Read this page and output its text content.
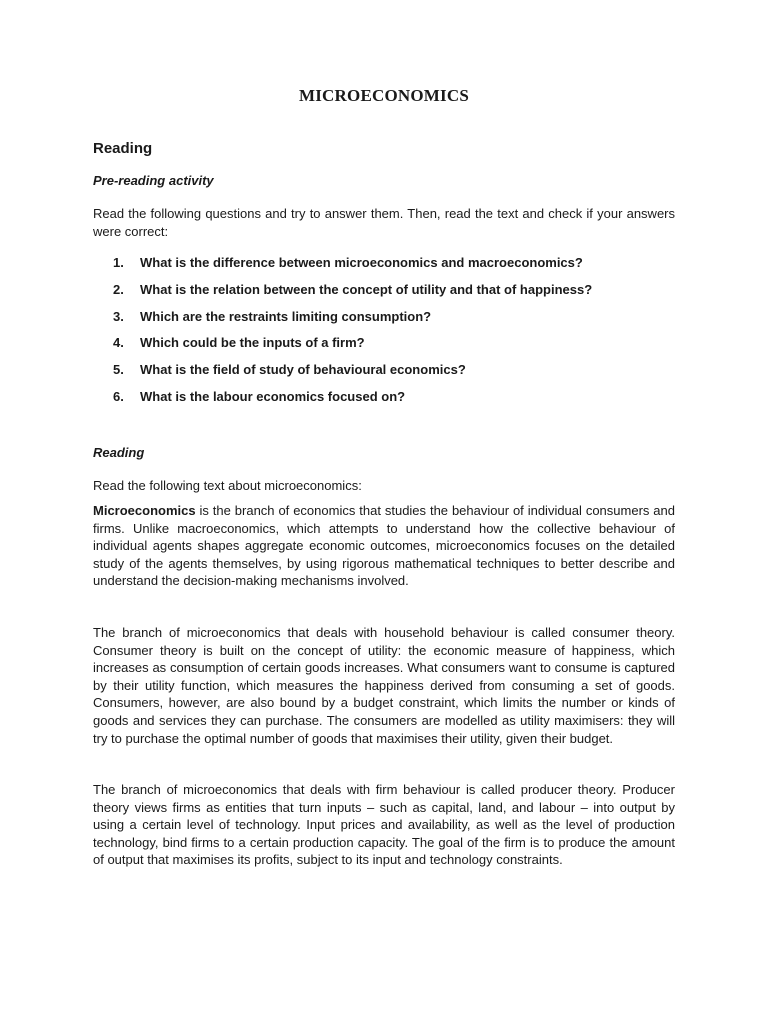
MICROECONOMICS
Reading
Pre-reading activity
Read the following questions and try to answer them. Then, read the text and check if your answers were correct:
1.	What is the difference between microeconomics and macroeconomics?
2.	What is the relation between the concept of utility and that of happiness?
3.	Which are the restraints limiting consumption?
4.	Which could be the inputs of a firm?
5.	What is the field of study of behavioural economics?
6.	What is the labour economics focused on?
Reading
Read the following text about microeconomics:
Microeconomics is the branch of economics that studies the behaviour of individual consumers and firms. Unlike macroeconomics, which attempts to understand how the collective behaviour of individual agents shapes aggregate economic outcomes, microeconomics focuses on the detailed study of the agents themselves, by using rigorous mathematical techniques to better describe and understand the decision-making mechanisms involved.
The branch of microeconomics that deals with household behaviour is called consumer theory. Consumer theory is built on the concept of utility: the economic measure of happiness, which increases as consumption of certain goods increases. What consumers want to consume is captured by their utility function, which measures the happiness derived from consuming a set of goods. Consumers, however, are also bound by a budget constraint, which limits the number or kinds of goods and services they can purchase. The consumers are modelled as utility maximisers: they will try to purchase the optimal number of goods that maximises their utility, given their budget.
The branch of microeconomics that deals with firm behaviour is called producer theory. Producer theory views firms as entities that turn inputs – such as capital, land, and labour – into output by using a certain level of technology. Input prices and availability, as well as the level of production technology, bind firms to a certain production capacity. The goal of the firm is to produce the amount of output that maximises its profits, subject to its input and technology constraints.
